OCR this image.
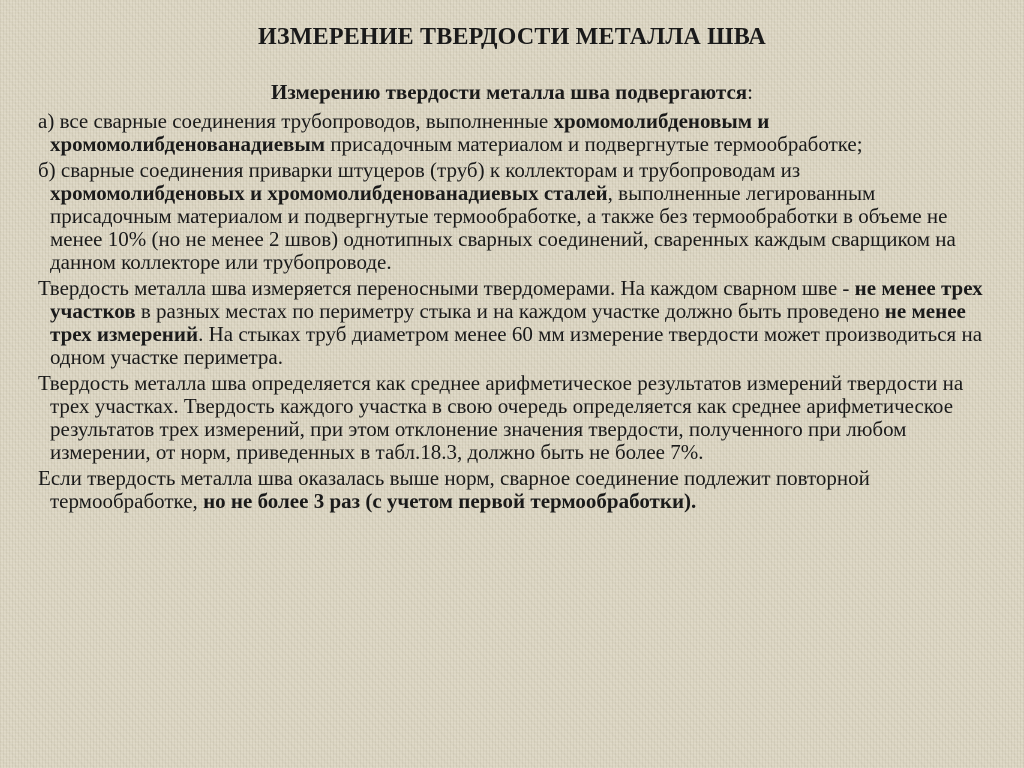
ИЗМЕРЕНИЕ ТВЕРДОСТИ МЕТАЛЛА ШВА
Измерению твердости металла шва подвергаются:
а) все сварные соединения трубопроводов, выполненные хромомолибденовым и хромомолибденованадиевым присадочным материалом и подвергнутые термообработке;
б) сварные соединения приварки штуцеров (труб) к коллекторам и трубопроводам из хромомолибденовых и хромомолибденованадиевых сталей, выполненные легированным присадочным материалом и подвергнутые термообработке, а также без термообработки в объеме не менее 10% (но не менее 2 швов) однотипных сварных соединений, сваренных каждым сварщиком на данном коллекторе или трубопроводе.
Твердость металла шва измеряется переносными твердомерами. На каждом сварном шве - не менее трех участков в разных местах по периметру стыка и на каждом участке должно быть проведено не менее трех измерений. На стыках труб диаметром менее 60 мм измерение твердости может производиться на одном участке периметра.
Твердость металла шва определяется как среднее арифметическое результатов измерений твердости на трех участках. Твердость каждого участка в свою очередь определяется как среднее арифметическое результатов трех измерений, при этом отклонение значения твердости, полученного при любом измерении, от норм, приведенных в табл.18.3, должно быть не более 7%.
Если твердость металла шва оказалась выше норм, сварное соединение подлежит повторной термообработке, но не более 3 раз (с учетом первой термообработки).
